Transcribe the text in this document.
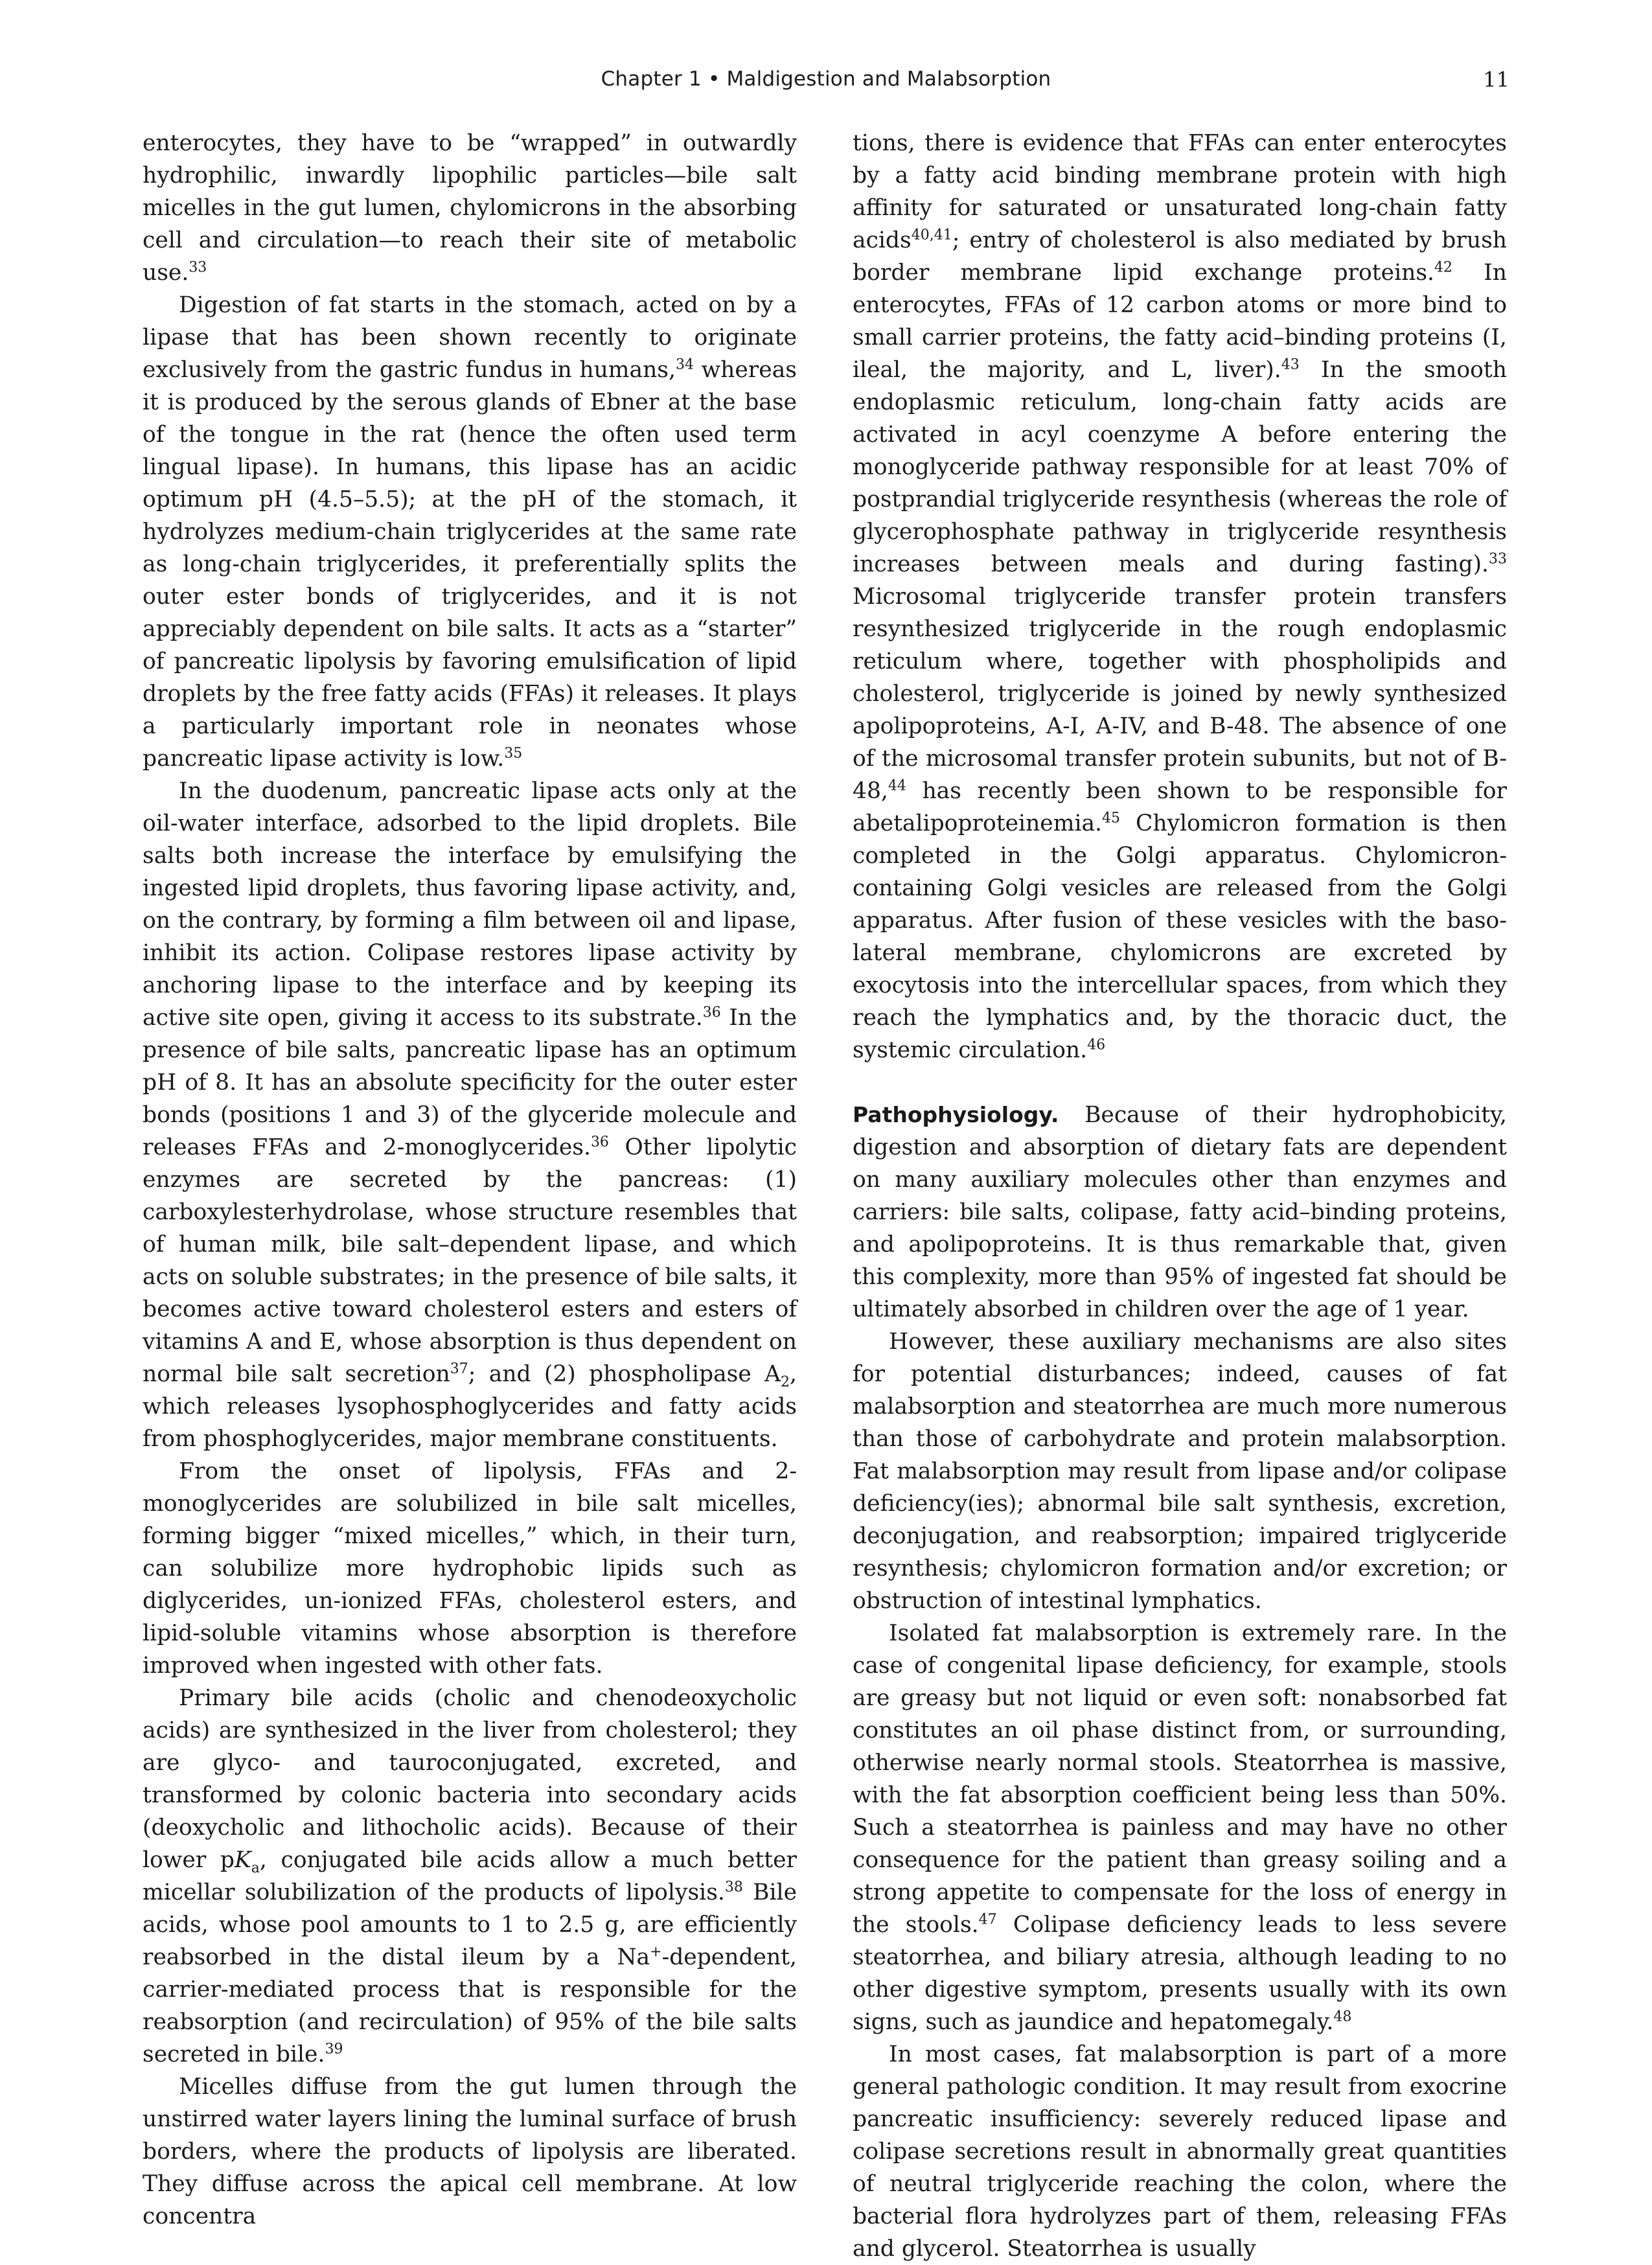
Chapter 1 • Maldigestion and Malabsorption	11

enterocytes, they have to be “wrapped” in outwardly hydrophilic, inwardly lipophilic particles—bile salt micelles in the gut lumen, chylomicrons in the absorbing cell and circulation—to reach their site of metabolic use.$^{33}$

Digestion of fat starts in the stomach, acted on by a lipase that has been shown recently to originate exclusively from the gastric fundus in humans,$^{34}$ whereas it is produced by the serous glands of Ebner at the base of the tongue in the rat (hence the often used term lingual lipase). In humans, this lipase has an acidic optimum pH (4.5–5.5); at the pH of the stomach, it hydrolyzes medium-chain triglycerides at the same rate as long-chain triglycerides, it preferentially splits the outer ester bonds of triglycerides, and it is not appreciably dependent on bile salts. It acts as a “starter” of pancreatic lipolysis by favoring emulsification of lipid droplets by the free fatty acids (FFAs) it releases. It plays a particularly important role in neonates whose pancreatic lipase activity is low.$^{35}$

In the duodenum, pancreatic lipase acts only at the oil-water interface, adsorbed to the lipid droplets. Bile salts both increase the interface by emulsifying the ingested lipid droplets, thus favoring lipase activity, and, on the contrary, by forming a film between oil and lipase, inhibit its action. Colipase restores lipase activity by anchoring lipase to the interface and by keeping its active site open, giving it access to its substrate.$^{36}$ In the presence of bile salts, pancreatic lipase has an optimum pH of 8. It has an absolute specificity for the outer ester bonds (positions 1 and 3) of the glyceride molecule and releases FFAs and 2-monoglycerides.$^{36}$ Other lipolytic enzymes are secreted by the pancreas: (1) carboxylesterhydrolase, whose structure resembles that of human milk, bile salt–dependent lipase, and which acts on soluble substrates; in the presence of bile salts, it becomes active toward cholesterol esters and esters of vitamins A and E, whose absorption is thus dependent on normal bile salt secretion$^{37}$; and (2) phospholipase $A_2$, which releases lysophosphoglycerides and fatty acids from phosphoglycerides, major membrane constituents.

From the onset of lipolysis, FFAs and 2-monoglycerides are solubilized in bile salt micelles, forming bigger “mixed micelles,” which, in their turn, can solubilize more hydrophobic lipids such as diglycerides, un-ionized FFAs, cholesterol esters, and lipid-soluble vitamins whose absorption is therefore improved when ingested with other fats.

Primary bile acids (cholic and chenodeoxycholic acids) are synthesized in the liver from cholesterol; they are glyco- and tauroconjugated, excreted, and transformed by colonic bacteria into secondary acids (deoxycholic and lithocholic acids). Because of their lower $pK_a$, conjugated bile acids allow a much better micellar solubilization of the products of lipolysis.$^{38}$ Bile acids, whose pool amounts to 1 to 2.5 g, are efficiently reabsorbed in the distal ileum by a Na+-dependent, carrier-mediated process that is responsible for the reabsorption (and recirculation) of 95% of the bile salts secreted in bile.$^{39}$

Micelles diffuse from the gut lumen through the unstirred water layers lining the luminal surface of brush borders, where the products of lipolysis are liberated. They diffuse across the apical cell membrane. At low concentra

tions, there is evidence that FFAs can enter enterocytes by a fatty acid binding membrane protein with high affinity for saturated or unsaturated long-chain fatty acids$^{40,41}$; entry of cholesterol is also mediated by brush border membrane lipid exchange proteins.$^{42}$ In enterocytes, FFAs of 12 carbon atoms or more bind to small carrier proteins, the fatty acid–binding proteins (I, ileal, the majority, and L, liver).$^{43}$ In the smooth endoplasmic reticulum, long-chain fatty acids are activated in acyl coenzyme A before entering the monoglyceride pathway responsible for at least 70% of postprandial triglyceride resynthesis (whereas the role of glycerophosphate pathway in triglyceride resynthesis increases between meals and during fasting).$^{33}$ Microsomal triglyceride transfer protein transfers resynthesized triglyceride in the rough endoplasmic reticulum where, together with phospholipids and cholesterol, triglyceride is joined by newly synthesized apolipoproteins, A-I, A-IV, and B-48. The absence of one of the microsomal transfer protein subunits, but not of B-48,44 has recently been shown to be responsible for abetalipoproteinemia.$^{45}$ Chylomicron formation is then completed in the Golgi apparatus. Chylomicron-containing Golgi vesicles are released from the Golgi apparatus. After fusion of these vesicles with the basolateral membrane, chylomicrons are excreted by exocytosis into the intercellular spaces, from which they reach the lymphatics and, by the thoracic duct, the systemic circulation.$^{46}$

Pathophysiology. Because of their hydrophobicity, digestion and absorption of dietary fats are dependent on many auxiliary molecules other than enzymes and carriers: bile salts, colipase, fatty acid–binding proteins, and apolipoproteins. It is thus remarkable that, given this complexity, more than 95% of ingested fat should be ultimately absorbed in children over the age of 1 year.

However, these auxiliary mechanisms are also sites for potential disturbances; indeed, causes of fat malabsorption and steatorrhea are much more numerous than those of carbohydrate and protein malabsorption. Fat malabsorption may result from lipase and/or colipase deficiency(ies); abnormal bile salt synthesis, excretion, deconjugation, and reabsorption; impaired triglyceride resynthesis; chylomicron formation and/or excretion; or obstruction of intestinal lymphatics.

Isolated fat malabsorption is extremely rare. In the case of congenital lipase deficiency, for example, stools are greasy but not liquid or even soft: nonabsorbed fat constitutes an oil phase distinct from, or surrounding, otherwise nearly normal stools. Steatorrhea is massive, with the fat absorption coefficient being less than 50%. Such a steatorrhea is painless and may have no other consequence for the patient than greasy soiling and a strong appetite to compensate for the loss of energy in the stools.$^{47}$ Colipase deficiency leads to less severe steatorrhea, and biliary atresia, although leading to no other digestive symptom, presents usually with its own signs, such as jaundice and hepatomegaly.$^{48}$

In most cases, fat malabsorption is part of a more general pathologic condition. It may result from exocrine pancreatic insufficiency: severely reduced lipase and colipase secretions result in abnormally great quantities of neutral triglyceride reaching the colon, where the bacterial flora hydrolyzes part of them, releasing FFAs and glycerol. Steatorrhea is usually
